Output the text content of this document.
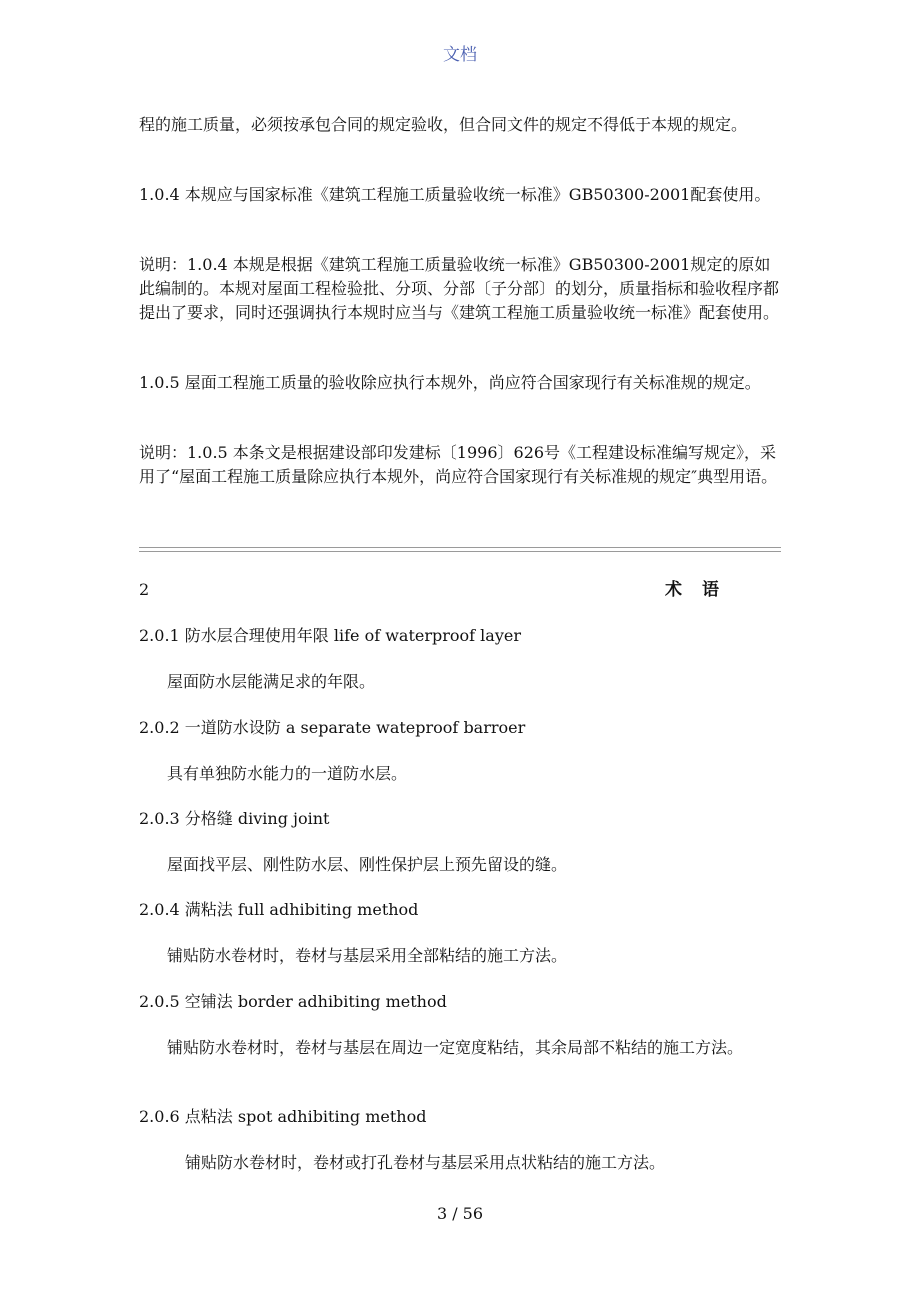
文档

程的施工质量，必须按承包合同的规定验收，但合同文件的规定不得低于本规的规定。

1.0.4 本规应与国家标准《建筑工程施工质量验收统一标准》GB50300-2001配套使用。

说明：1.0.4 本规是根据《建筑工程施工质量验收统一标准》GB50300-2001规定的原如此编制的。本规对屋面工程检验批、分项、分部〔子分部〕的划分，质量指标和验收程序都提出了要求，同时还强调执行本规时应当与《建筑工程施工质量验收统一标准》配套使用。

1.0.5 屋面工程施工质量的验收除应执行本规外，尚应符合国家现行有关标准规的规定。

说明：1.0.5 本条文是根据建设部印发建标〔1996〕626号《工程建设标准编写规定》，采用了“屋面工程施工质量除应执行本规外，尚应符合国家现行有关标准规的规定″典型用语。

2	术语

2.0.1 防水层合理使用年限 life of waterproof layer

屋面防水层能满足求的年限。

2.0.2 一道防水设防 a separate wateproof barroer

具有单独防水能力的一道防水层。

2.0.3 分格缝 diving joint

屋面找平层、刚性防水层、刚性保护层上预先留设的缝。

2.0.4 满粘法 full adhibiting method

铺贴防水卷材时，卷材与基层采用全部粘结的施工方法。

2.0.5 空铺法 border adhibiting method

铺贴防水卷材时，卷材与基层在周边一定宽度粘结，其余局部不粘结的施工方法。

2.0.6 点粘法 spot adhibiting method

铺贴防水卷材时，卷材或打孔卷材与基层采用点状粘结的施工方法。

3 / 56
